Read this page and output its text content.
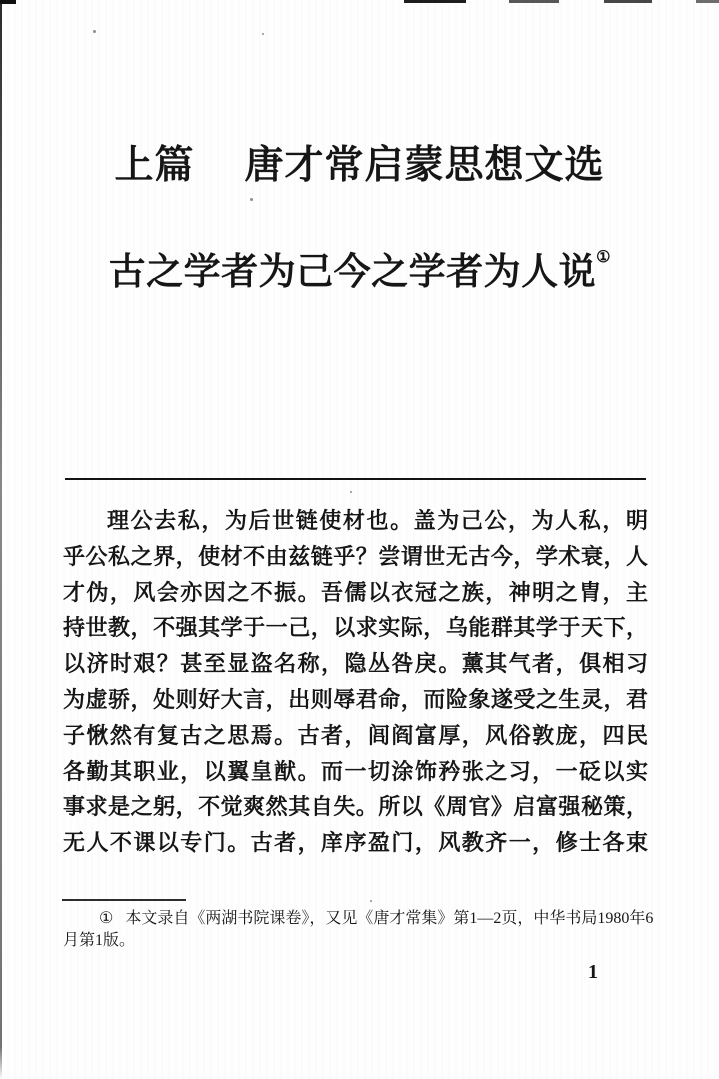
上篇 唐才常启蒙思想文选
古之学者为己今之学者为人说①

理公去私，为后世链使材也。盖为己公，为人私，明

乎公私之界，使材不由兹链乎？尝谓世无古今，学术衰，人

才伪，风会亦因之不振。吾儒以衣冠之族，神明之胄，主

持世教，不强其学于一己，以求实际，乌能群其学于天下，

以济时艰？甚至显盗名称，隐丛咎戾。薰其气者，俱相习

为虚骄，处则好大言，出则辱君命，而险象遂受之生灵，君

子愀然有复古之思焉。古者，闾阎富厚，风俗敦庞，四民

各勤其职业，以翼皇猷。而一切涂饰矜张之习，一砭以实

事求是之躬，不觉爽然其自失。所以《周官》启富强秘策，

无人不课以专门。古者，庠序盈门，风教齐一，修士各束

① 本文录自《两湖书院课卷》，又见《唐才常集》第1—2页，中华书局1980年6

月第1版。

1
